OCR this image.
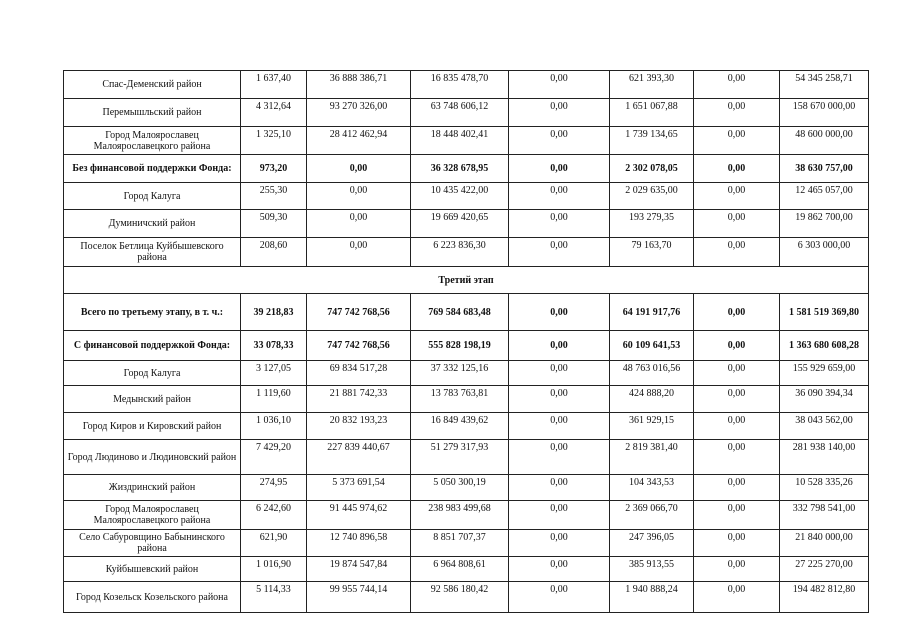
Спас-Деменский район	1 637,40	36 888 386,71	16 835 478,70	0,00	621 393,30	0,00	54 345 258,71
Перемышльский район	4 312,64	93 270 326,00	63 748 606,12	0,00	1 651 067,88	0,00	158 670 000,00
Город Малоярославец Малоярославецкого района	1 325,10	28 412 462,94	18 448 402,41	0,00	1 739 134,65	0,00	48 600 000,00
Без финансовой поддержки Фонда:	973,20	0,00	36 328 678,95	0,00	2 302 078,05	0,00	38 630 757,00
Город Калуга	255,30	0,00	10 435 422,00	0,00	2 029 635,00	0,00	12 465 057,00
Думиничский район	509,30	0,00	19 669 420,65	0,00	193 279,35	0,00	19 862 700,00
Поселок Бетлица Куйбышевского района	208,60	0,00	6 223 836,30	0,00	79 163,70	0,00	6 303 000,00
Третий этап							
Всего по третьему этапу, в т. ч.:	39 218,83	747 742 768,56	769 584 683,48	0,00	64 191 917,76	0,00	1 581 519 369,80
С финансовой поддержкой Фонда:	33 078,33	747 742 768,56	555 828 198,19	0,00	60 109 641,53	0,00	1 363 680 608,28
Город Калуга	3 127,05	69 834 517,28	37 332 125,16	0,00	48 763 016,56	0,00	155 929 659,00
Медынский район	1 119,60	21 881 742,33	13 783 763,81	0,00	424 888,20	0,00	36 090 394,34
Город Киров и Кировский район	1 036,10	20 832 193,23	16 849 439,62	0,00	361 929,15	0,00	38 043 562,00
Город Людиново и Людиновский район	7 429,20	227 839 440,67	51 279 317,93	0,00	2 819 381,40	0,00	281 938 140,00
Жиздринский район	274,95	5 373 691,54	5 050 300,19	0,00	104 343,53	0,00	10 528 335,26
Город Малоярославец Малоярославецкого района	6 242,60	91 445 974,62	238 983 499,68	0,00	2 369 066,70	0,00	332 798 541,00
Село Сабуровщино Бабынинского района	621,90	12 740 896,58	8 851 707,37	0,00	247 396,05	0,00	21 840 000,00
Куйбышевский район	1 016,90	19 874 547,84	6 964 808,61	0,00	385 913,55	0,00	27 225 270,00
Город Козельск Козельского района	5 114,33	99 955 744,14	92 586 180,42	0,00	1 940 888,24	0,00	194 482 812,80
